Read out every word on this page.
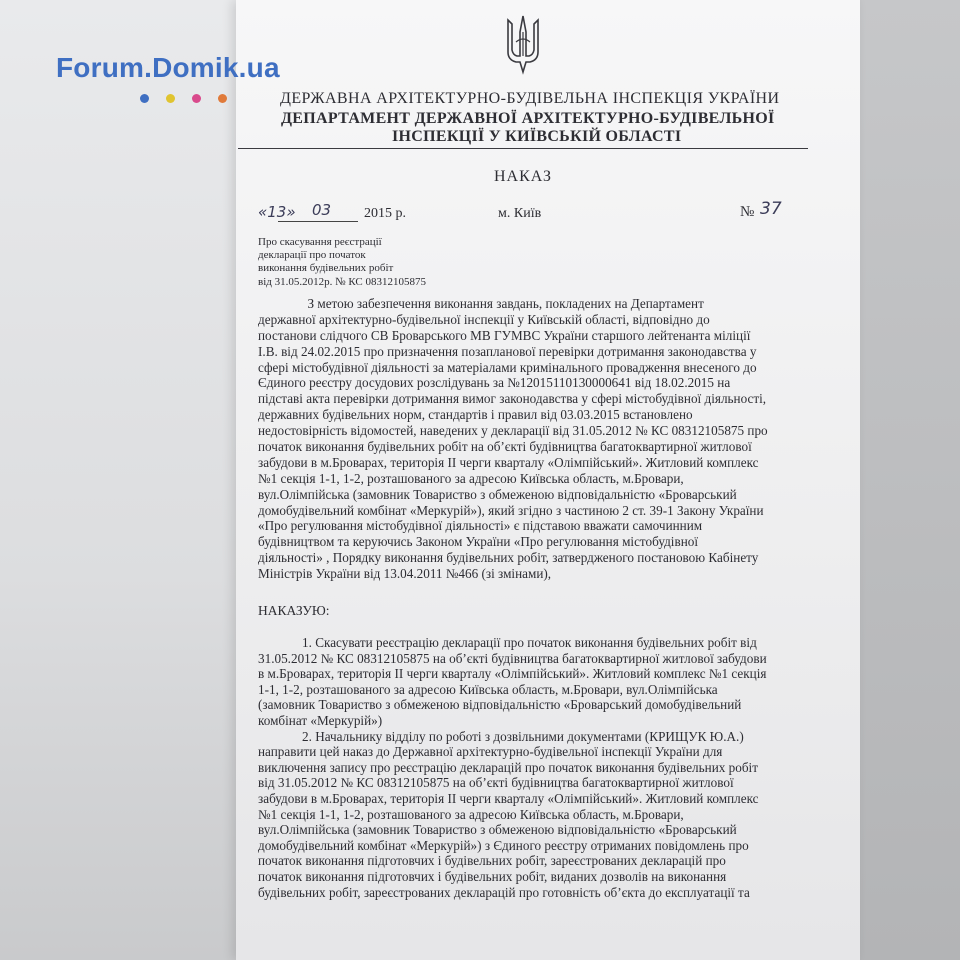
Forum.Domik.ua
ДЕРЖАВНА АРХІТЕКТУРНО-БУДІВЕЛЬНА ІНСПЕКЦІЯ УКРАЇНИ
ДЕПАРТАМЕНТ ДЕРЖАВНОЇ АРХІТЕКТУРНО-БУДІВЕЛЬНОЇ
ІНСПЕКЦІЇ У КИЇВСЬКІЙ ОБЛАСТІ
НАКАЗ
«13» 03 2015 р.	м. Київ	№ 37
Про скасування реєстрації
декларації про початок
виконання будівельних робіт
від 31.05.2012р. № КС 08312105875
З метою забезпечення виконання завдань, покладених на Департамент
державної архітектурно-будівельної інспекції у Київській області, відповідно до
постанови слідчого СВ Броварського МВ ГУМВС України старшого лейтенанта міліції
І.В. від 24.02.2015 про призначення позапланової перевірки дотримання законодавства у
сфері містобудівної діяльності за матеріалами кримінального провадження внесеного до
Єдиного реєстру досудових розслідувань за №12015110130000641 від 18.02.2015 на
підставі акта перевірки дотримання вимог законодавства у сфері містобудівної діяльності,
державних будівельних норм, стандартів і правил від 03.03.2015 встановлено
недостовірність відомостей, наведених у декларації від 31.05.2012 № КС 08312105875 про
початок виконання будівельних робіт на об’єкті будівництва багатоквартирної житлової
забудови в м.Броварах, територія ІІ черги кварталу «Олімпійський». Житловий комплекс
№1 секція 1-1, 1-2, розташованого за адресою Київська область, м.Бровари,
вул.Олімпійська (замовник Товариство з обмеженою відповідальністю «Броварський
домобудівельний комбінат «Меркурій»), який згідно з частиною 2 ст. 39-1 Закону України
«Про регулювання містобудівної діяльності» є підставою вважати самочинним
будівництвом та керуючись Законом України «Про регулювання містобудівної
діяльності» , Порядку виконання будівельних робіт, затвердженого постановою Кабінету
Міністрів України від 13.04.2011 №466 (зі змінами),
НАКАЗУЮ:
1. Скасувати реєстрацію декларації про початок виконання будівельних робіт від
31.05.2012 № КС 08312105875 на об’єкті будівництва багатоквартирної житлової забудови
в м.Броварах, територія ІІ черги кварталу «Олімпійський». Житловий комплекс №1 секція
1-1, 1-2, розташованого за адресою Київська область, м.Бровари, вул.Олімпійська
(замовник Товариство з обмеженою відповідальністю «Броварський домобудівельний
комбінат «Меркурій»)
2. Начальнику відділу по роботі з дозвільними документами (КРИЩУК Ю.А.)
направити цей наказ до Державної архітектурно-будівельної інспекції України для
виключення запису про реєстрацію декларацій про початок виконання будівельних робіт
від 31.05.2012 № КС 08312105875 на об’єкті будівництва багатоквартирної житлової
забудови в м.Броварах, територія ІІ черги кварталу «Олімпійський». Житловий комплекс
№1 секція 1-1, 1-2, розташованого за адресою Київська область, м.Бровари,
вул.Олімпійська (замовник Товариство з обмеженою відповідальністю «Броварський
домобудівельний комбінат «Меркурій») з Єдиного реєстру отриманих повідомлень про
початок виконання підготовчих і будівельних робіт, зареєстрованих декларацій про
початок виконання підготовчих і будівельних робіт, виданих дозволів на виконання
будівельних робіт, зареєстрованих декларацій про готовність об’єкта до експлуатації та
